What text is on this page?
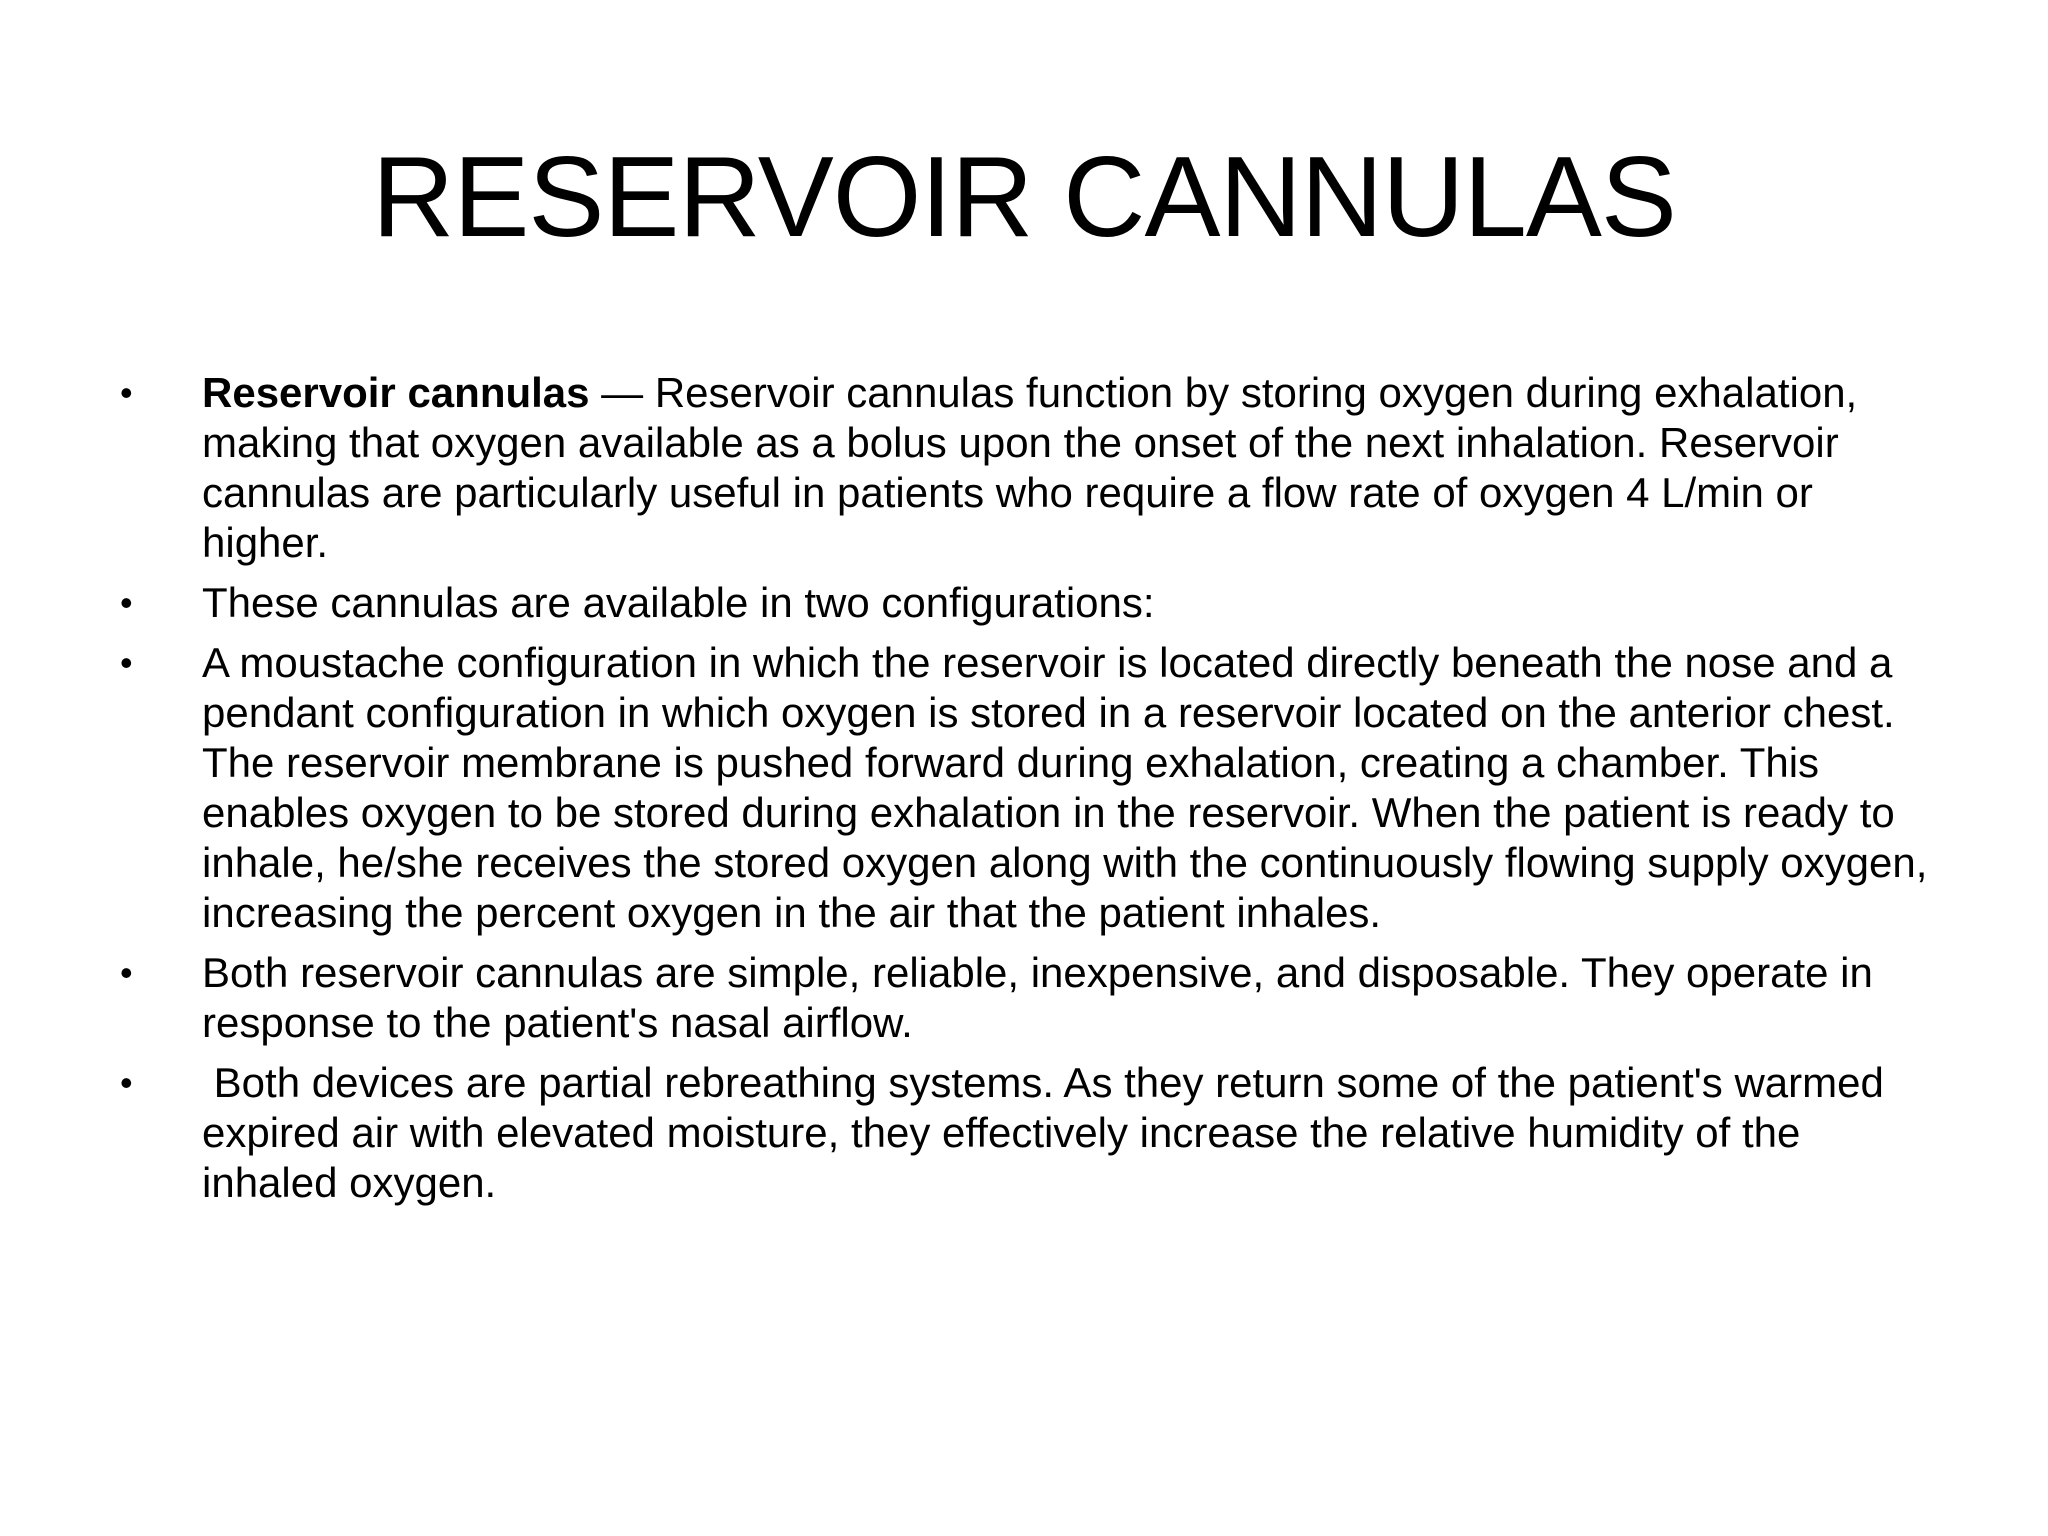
RESERVOIR CANNULAS
•	Reservoir cannulas — Reservoir cannulas function by storing oxygen during exhalation, making that oxygen available as a bolus upon the onset of the next inhalation. Reservoir cannulas are particularly useful in patients who require a flow rate of oxygen 4 L/min or higher.
•	These cannulas are available in two configurations:
•	A moustache configuration in which the reservoir is located directly beneath the nose and a pendant configuration in which oxygen is stored in a reservoir located on the anterior chest. The reservoir membrane is pushed forward during exhalation, creating a chamber. This enables oxygen to be stored during exhalation in the reservoir. When the patient is ready to inhale, he/she receives the stored oxygen along with the continuously flowing supply oxygen, increasing the percent oxygen in the air that the patient inhales.
•	Both reservoir cannulas are simple, reliable, inexpensive, and disposable. They operate in response to the patient's nasal airflow.
•	Both devices are partial rebreathing systems. As they return some of the patient's warmed expired air with elevated moisture, they effectively increase the relative humidity of the inhaled oxygen.
